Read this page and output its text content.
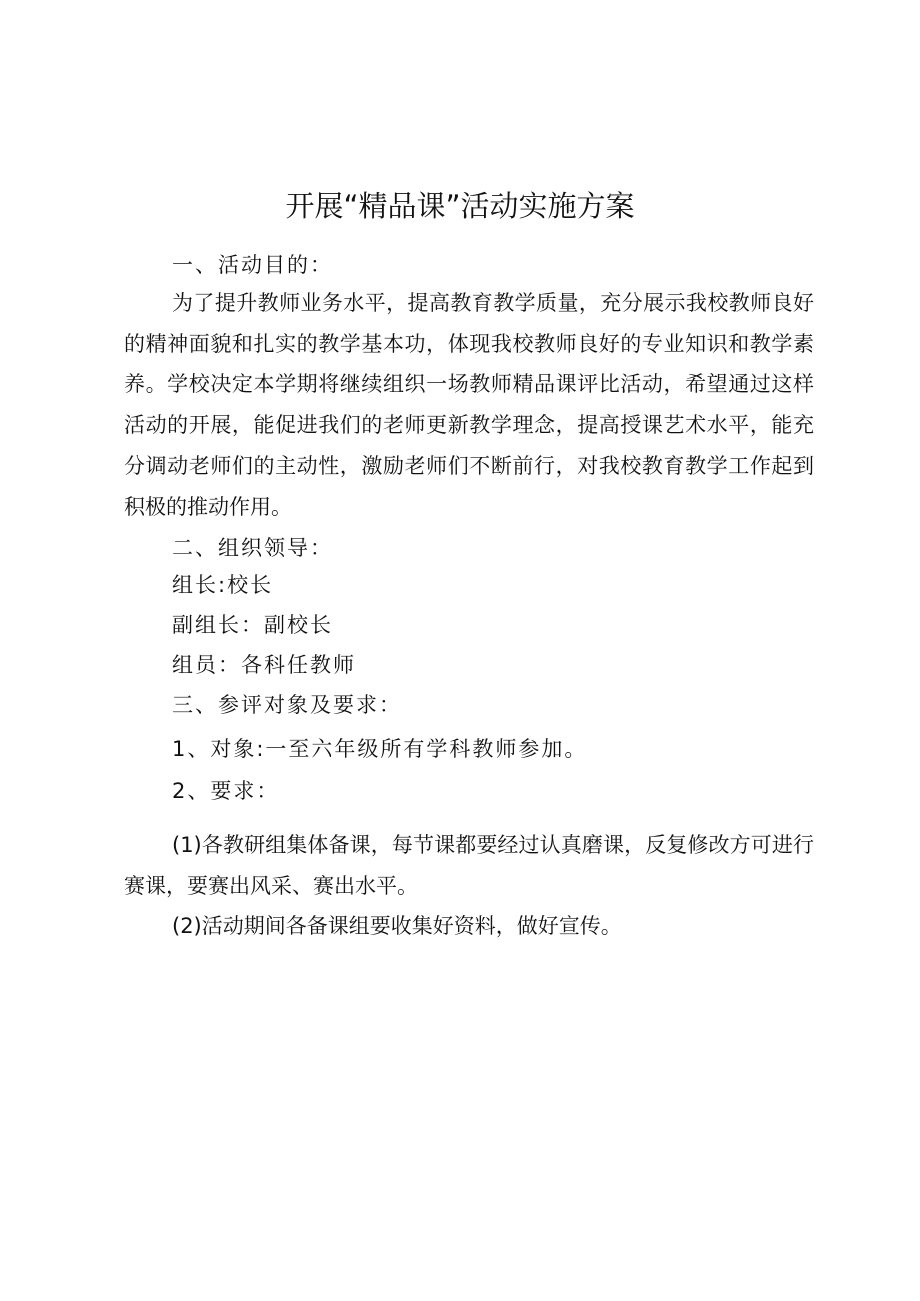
开展“精品课”活动实施方案

一、活动目的：

为了提升教师业务水平，提高教育教学质量，充分展示我校教师良好的精神面貌和扎实的教学基本功，体现我校教师良好的专业知识和教学素养。学校决定本学期将继续组织一场教师精品课评比活动，希望通过这样活动的开展，能促进我们的老师更新教学理念，提高授课艺术水平，能充分调动老师们的主动性，激励老师们不断前行，对我校教育教学工作起到积极的推动作用。

二、组织领导：

组长:校长

副组长：副校长

组员：各科任教师

三、参评对象及要求：

1、对象:一至六年级所有学科教师参加。

2、要求：

(1)各教研组集体备课，每节课都要经过认真磨课，反复修改方可进行赛课，要赛出风采、赛出水平。

(2)活动期间各备课组要收集好资料，做好宣传。
